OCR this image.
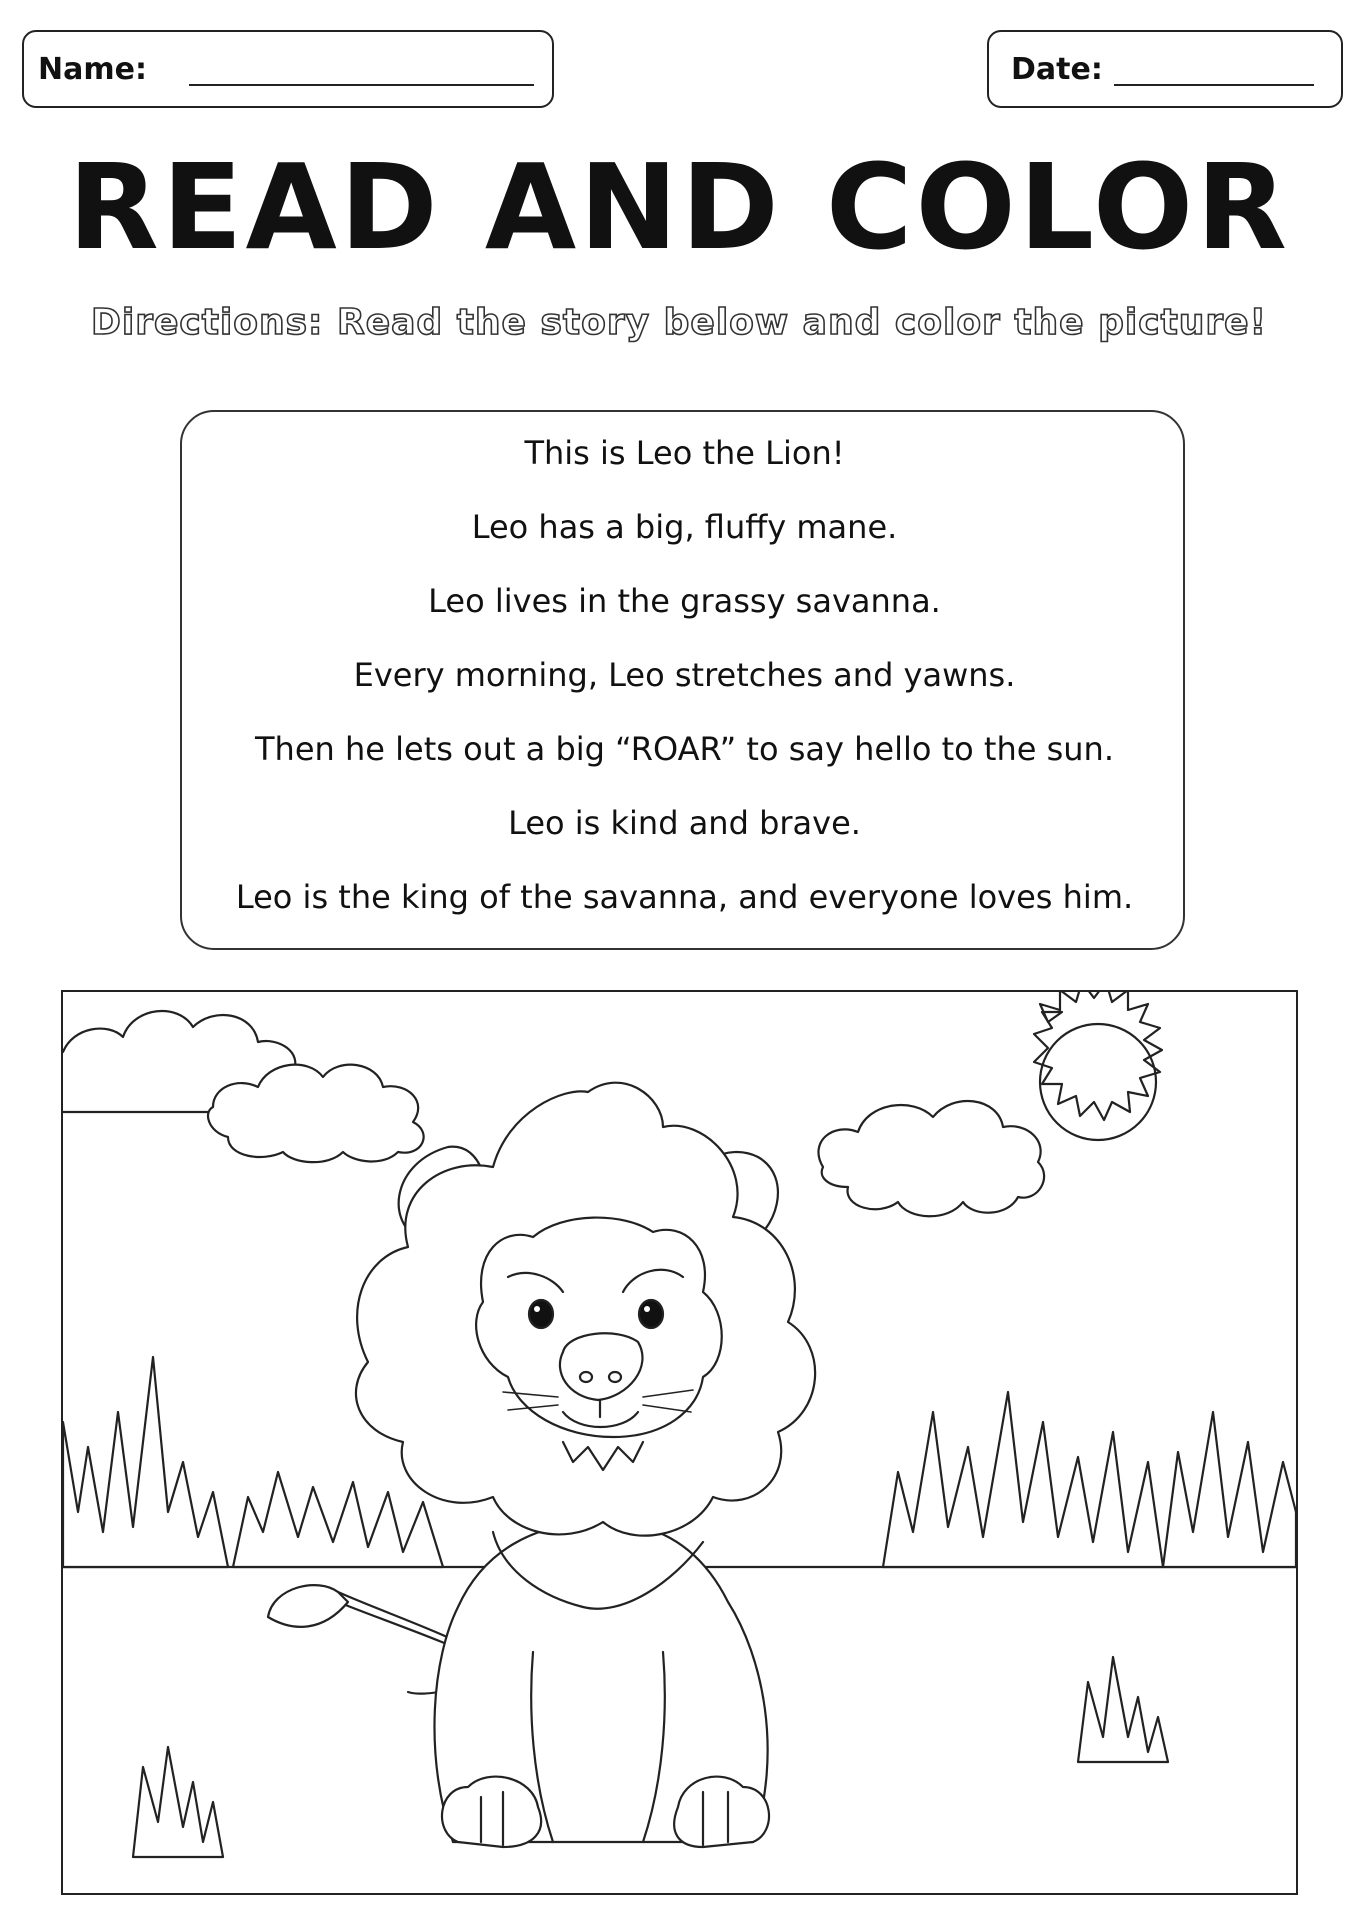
Name:	Date:
READ AND COLOR
Directions: Read the story below and color the picture!
This is Leo the Lion!
Leo has a big, fluffy mane.
Leo lives in the grassy savanna.
Every morning, Leo stretches and yawns.
Then he lets out a big “ROAR” to say hello to the sun.
Leo is kind and brave.
Leo is the king of the savanna, and everyone loves him.
